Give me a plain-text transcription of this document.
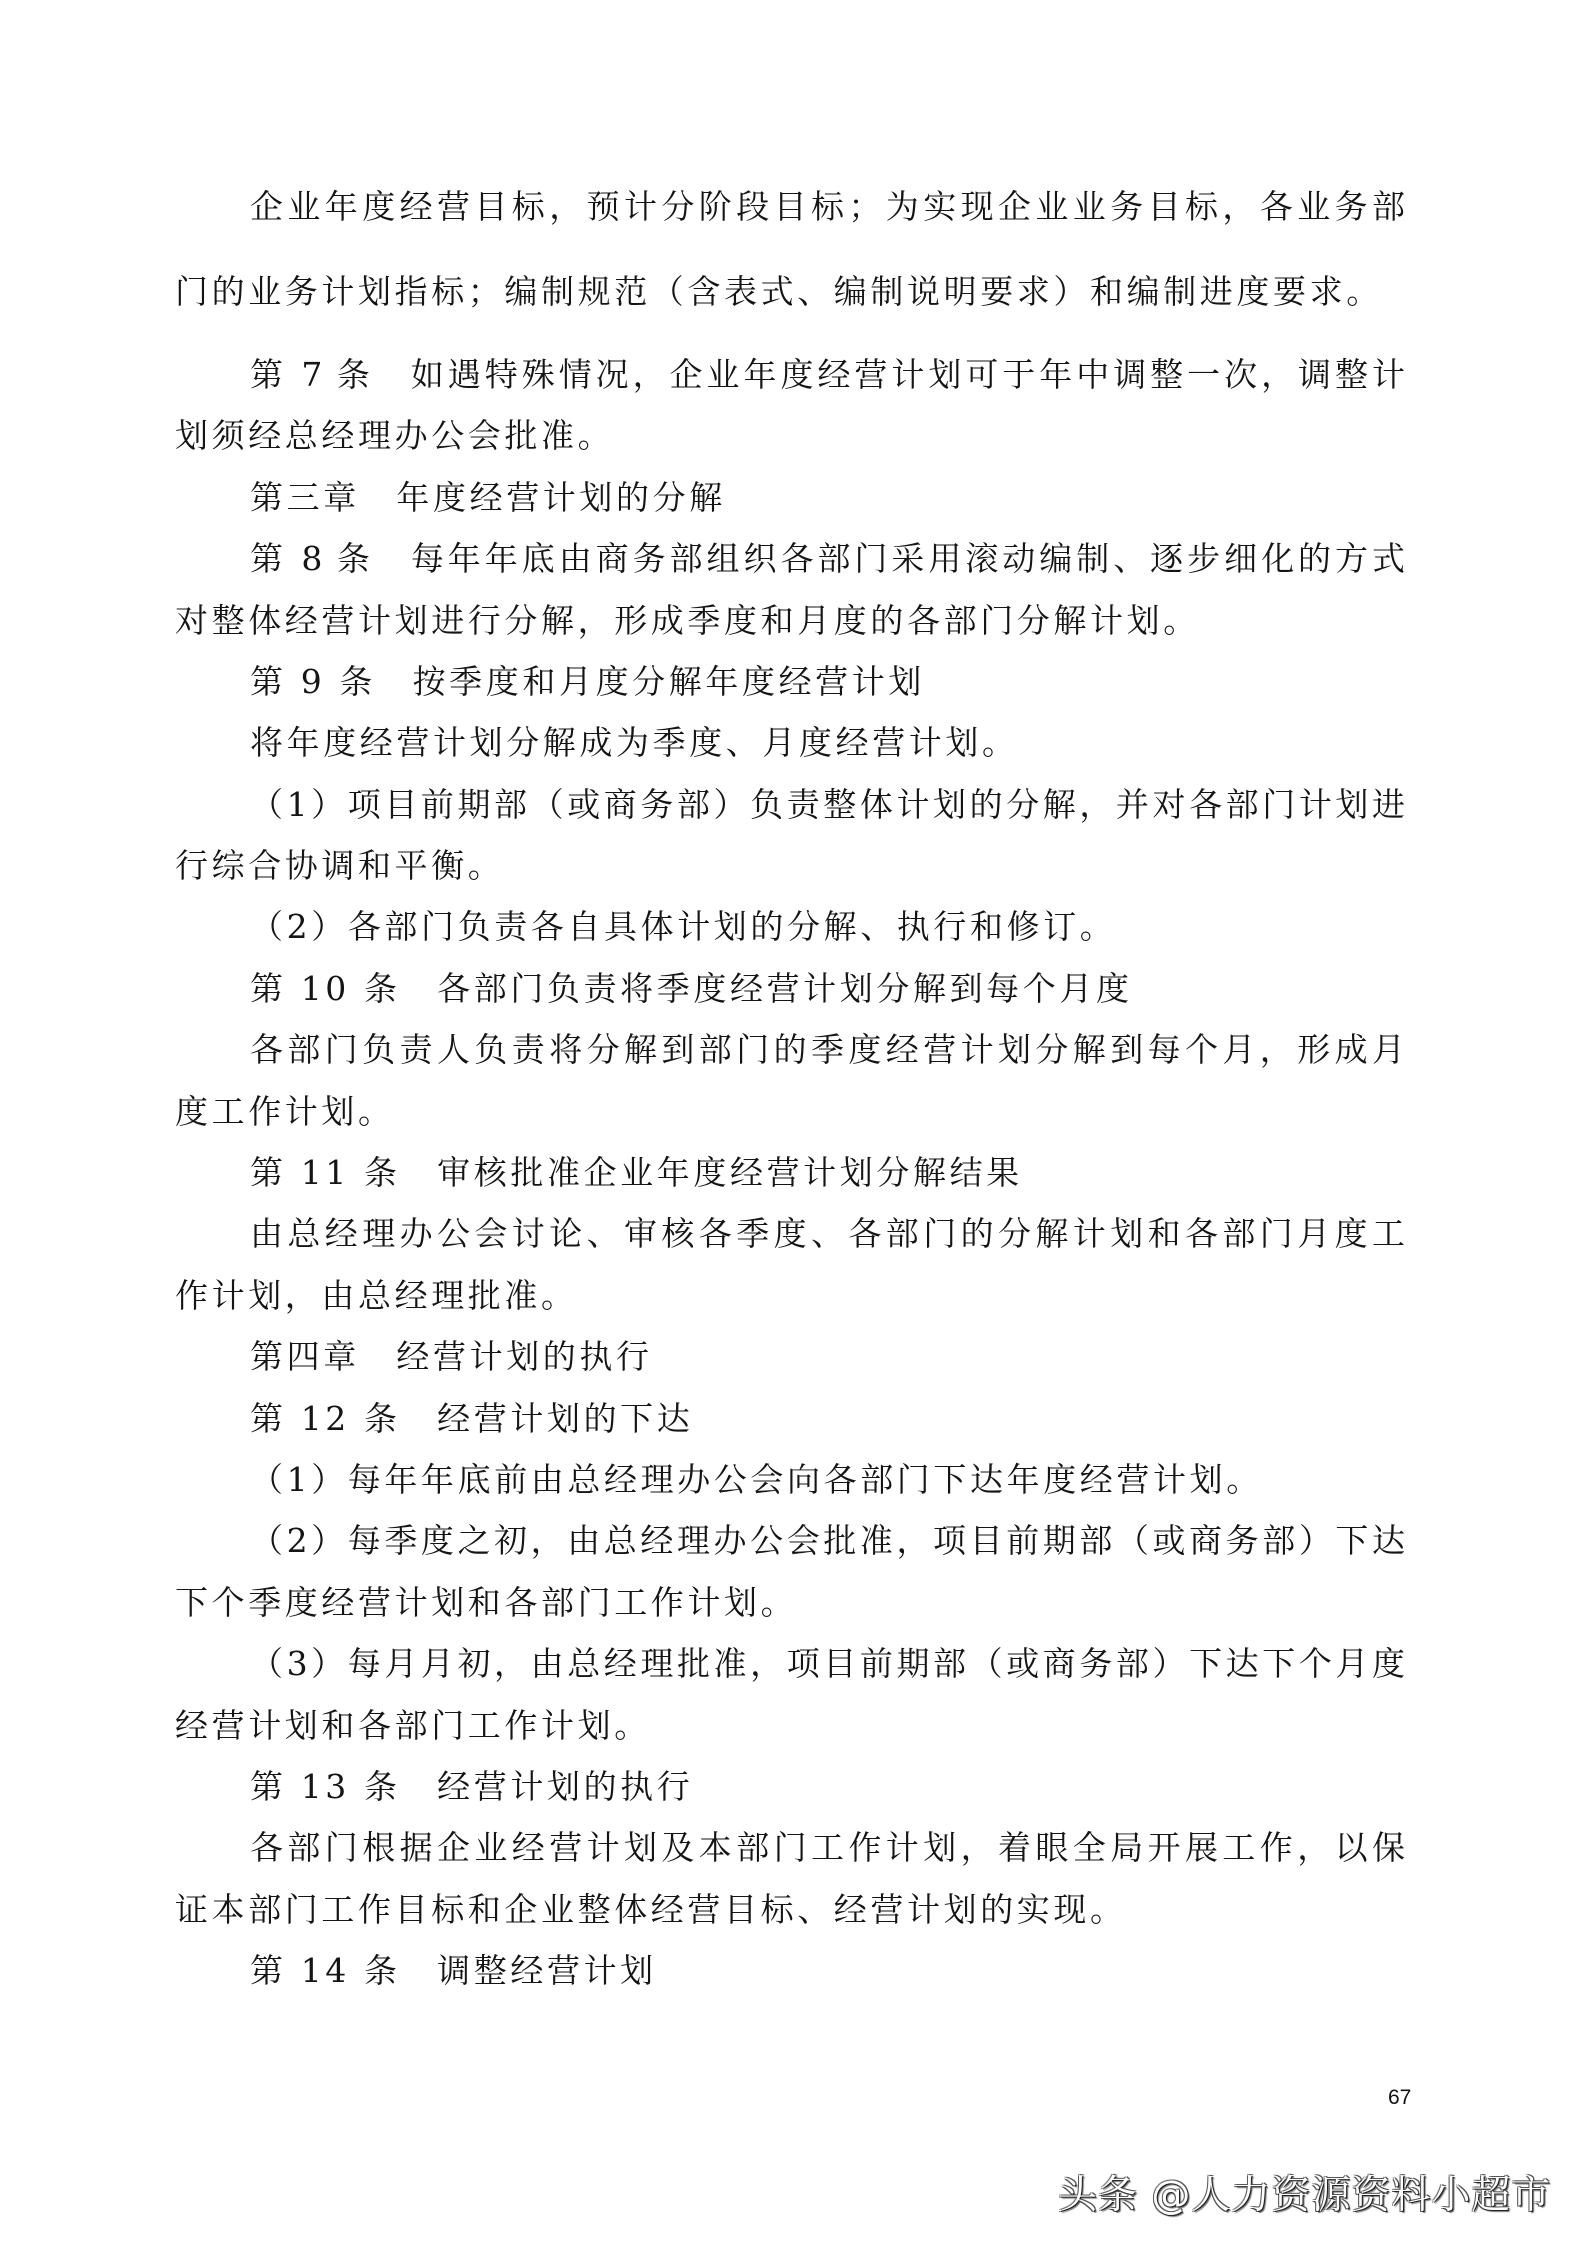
企业年度经营目标，预计分阶段目标；为实现企业业务目标，各业务部
门的业务计划指标；编制规范（含表式、编制说明要求）和编制进度要求。
第 7 条　如遇特殊情况，企业年度经营计划可于年中调整一次，调整计
划须经总经理办公会批准。
第三章　年度经营计划的分解
第 8 条　每年年底由商务部组织各部门采用滚动编制、逐步细化的方式
对整体经营计划进行分解，形成季度和月度的各部门分解计划。
第 9 条　按季度和月度分解年度经营计划
将年度经营计划分解成为季度、月度经营计划。
（1）项目前期部（或商务部）负责整体计划的分解，并对各部门计划进
行综合协调和平衡。
（2）各部门负责各自具体计划的分解、执行和修订。
第 10 条　各部门负责将季度经营计划分解到每个月度
各部门负责人负责将分解到部门的季度经营计划分解到每个月，形成月
度工作计划。
第 11 条　审核批准企业年度经营计划分解结果
由总经理办公会讨论、审核各季度、各部门的分解计划和各部门月度工
作计划，由总经理批准。
第四章　经营计划的执行
第 12 条　经营计划的下达
（1）每年年底前由总经理办公会向各部门下达年度经营计划。
（2）每季度之初，由总经理办公会批准，项目前期部（或商务部）下达
下个季度经营计划和各部门工作计划。
（3）每月月初，由总经理批准，项目前期部（或商务部）下达下个月度
经营计划和各部门工作计划。
第 13 条　经营计划的执行
各部门根据企业经营计划及本部门工作计划，着眼全局开展工作，以保
证本部门工作目标和企业整体经营目标、经营计划的实现。
第 14 条　调整经营计划
67
头条 @人力资源资料小超市
